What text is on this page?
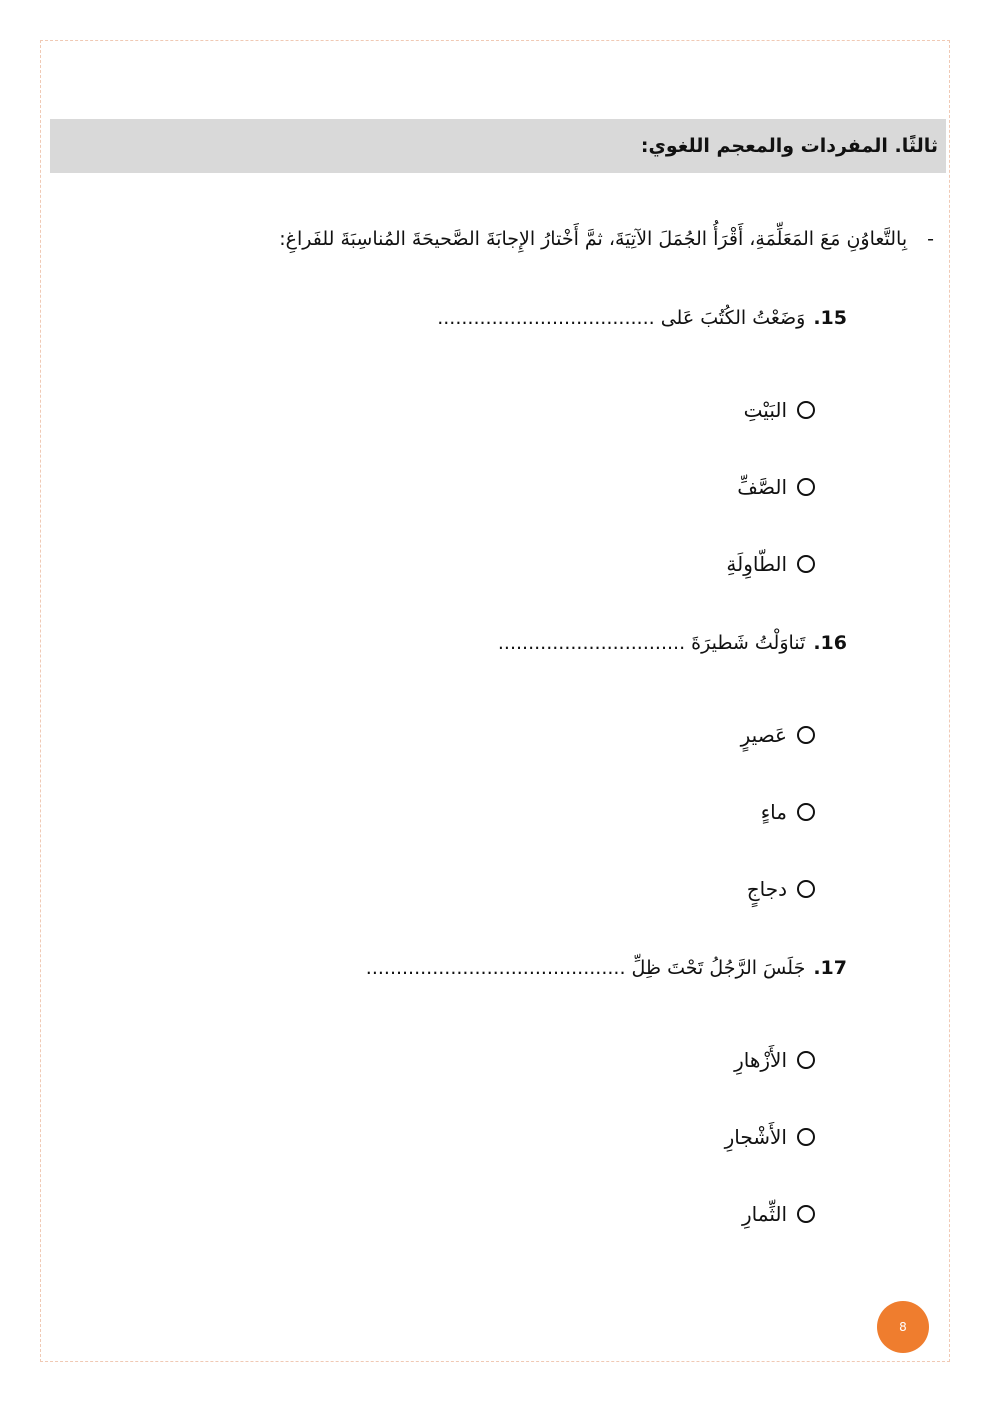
ثالثًا. المفردات والمعجم اللغوي:
-بِالتَّعاوُنِ مَعَ المَعَلِّمَةِ، أَقْرَأُ الجُمَلَ الآتِيَةَ، ثمَّ أَخْتارُ الإِجابَةَ الصَّحيحَةَ المُناسِبَةَ للفَراغِ:
15.وَضَعْتُ الكُتُبَ عَلى ....................................
البَيْتِ
الصَّفِّ
الطّاوِلَةِ
16.تَناوَلْتُ شَطيرَةَ ...............................
عَصيرٍ
ماءٍ
دجاجٍ
17.جَلَسَ الرَّجُلُ تَحْتَ ظِلِّ ...........................................
الأَزْهارِ
الأَشْجارِ
الثِّمارِ
8
